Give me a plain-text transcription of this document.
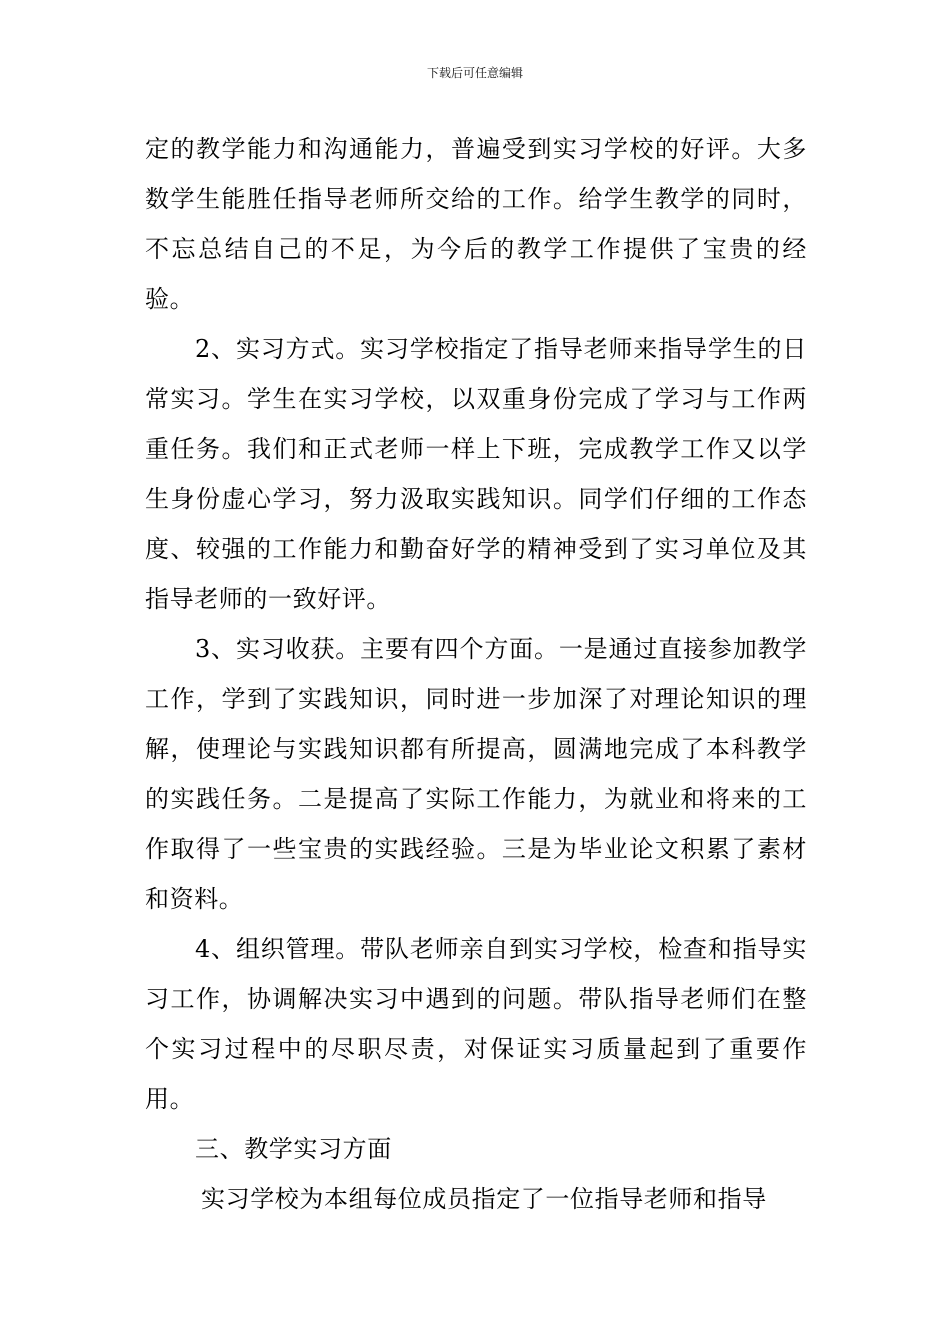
下载后可任意编辑

定的教学能力和沟通能力，普遍受到实习学校的好评。大多数学生能胜任指导老师所交给的工作。给学生教学的同时，不忘总结自己的不足，为今后的教学工作提供了宝贵的经验。

2、实习方式。实习学校指定了指导老师来指导学生的日常实习。学生在实习学校，以双重身份完成了学习与工作两重任务。我们和正式老师一样上下班，完成教学工作又以学生身份虚心学习，努力汲取实践知识。同学们仔细的工作态度、较强的工作能力和勤奋好学的精神受到了实习单位及其指导老师的一致好评。

3、实习收获。主要有四个方面。一是通过直接参加教学工作，学到了实践知识，同时进一步加深了对理论知识的理解，使理论与实践知识都有所提高，圆满地完成了本科教学的实践任务。二是提高了实际工作能力，为就业和将来的工作取得了一些宝贵的实践经验。三是为毕业论文积累了素材和资料。

4、组织管理。带队老师亲自到实习学校，检查和指导实习工作，协调解决实习中遇到的问题。带队指导老师们在整个实习过程中的尽职尽责，对保证实习质量起到了重要作用。

三、教学实习方面

实习学校为本组每位成员指定了一位指导老师和指导
